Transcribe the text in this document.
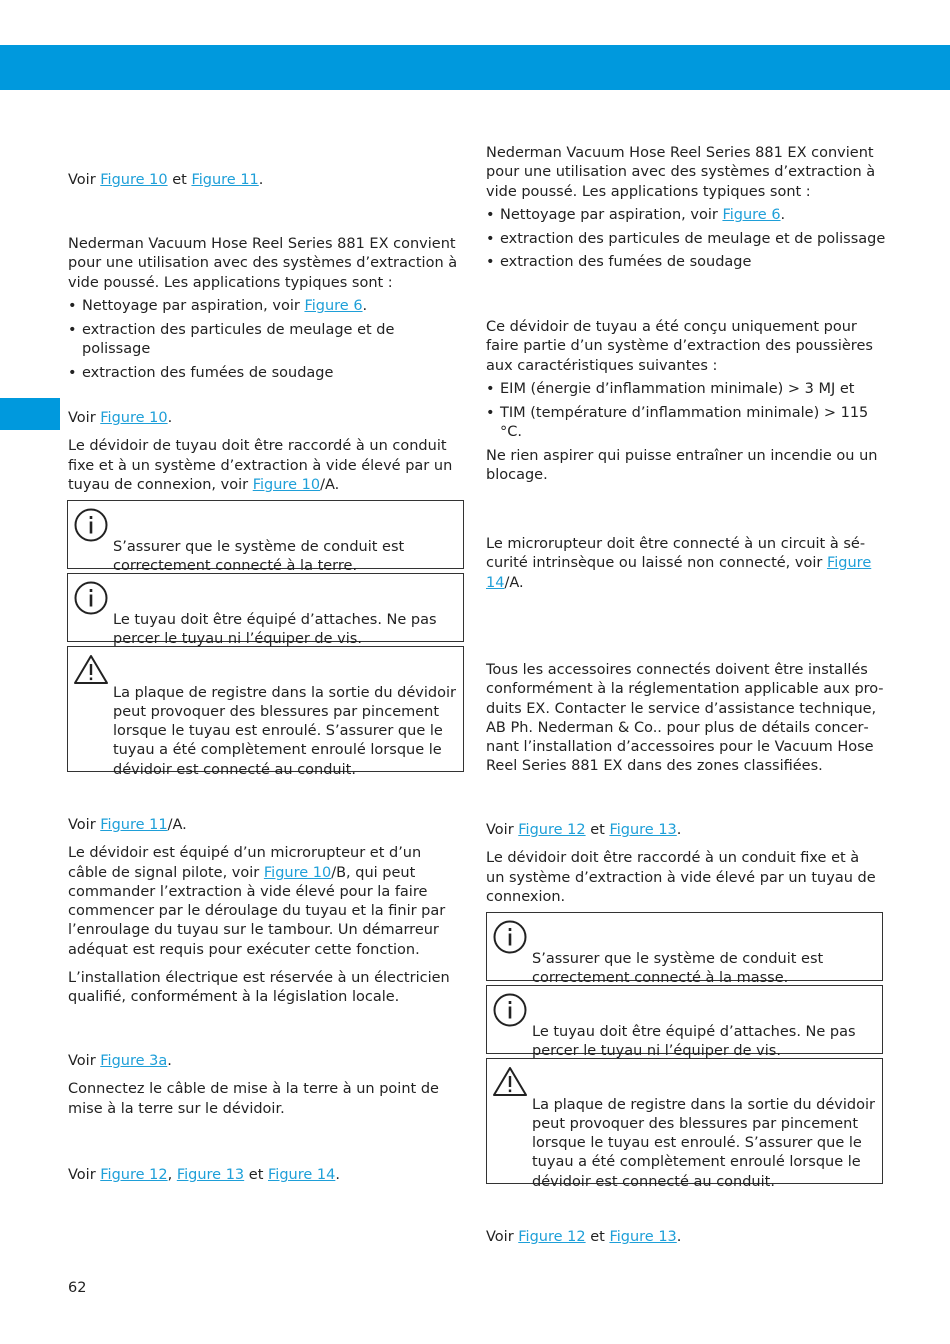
Voir Figure 10 et Figure 11.

Nederman Vacuum Hose Reel Series 881 EX convient pour une utilisation avec des systèmes d’extraction à vide poussé. Les applications typiques sont :

• Nettoyage par aspiration, voir Figure 6.
• extraction des particules de meulage et de polissage
• extraction des fumées de soudage

Voir Figure 10.

Le dévidoir de tuyau doit être raccordé à un conduit fixe et à un système d’extraction à vide élevé par un tuyau de connexion, voir Figure 10/A.

S’assurer que le système de conduit est correctement connecté à la terre.

Le tuyau doit être équipé d’attaches. Ne pas percer le tuyau ni l’équiper de vis.

La plaque de registre dans la sortie du dévidoir peut provoquer des blessures par pincement lorsque le tuyau est enroulé. S’assurer que le tuyau a été complètement enroulé lorsque le dévidoir est connecté au conduit.

Voir Figure 11/A.

Le dévidoir est équipé d’un microrupteur et d’un câble de signal pilote, voir Figure 10/B, qui peut commander l’extraction à vide élevé pour la faire commencer par le déroulage du tuyau et la finir par l’enroulage du tuyau sur le tambour. Un démarreur adéquat est requis pour exécuter cette fonction.

L’installation électrique est réservée à un électricien qualifié, conformément à la législation locale.

Voir Figure 3a.

Connectez le câble de mise à la terre à un point de mise à la terre sur le dévidoir.

Voir Figure 12, Figure 13 et Figure 14.

Nederman Vacuum Hose Reel Series 881 EX convient pour une utilisation avec des systèmes d’extraction à vide poussé. Les applications typiques sont :

• Nettoyage par aspiration, voir Figure 6.
• extraction des particules de meulage et de polissage
• extraction des fumées de soudage

Ce dévidoir de tuyau a été conçu uniquement pour faire partie d’un système d’extraction des poussières aux caractéristiques suivantes :

• EIM (énergie d’inflammation minimale) > 3 MJ et
• TIM (température d’inflammation minimale) > 115 °C.

Ne rien aspirer qui puisse entraîner un incendie ou un blocage.

Le microrupteur doit être connecté à un circuit à sécurité intrinsèque ou laissé non connecté, voir Figure 14/A.

Tous les accessoires connectés doivent être installés conformément à la réglementation applicable aux produits EX. Contacter le service d’assistance technique, AB Ph. Nederman & Co.. pour plus de détails concernant l’installation d’accessoires pour le Vacuum Hose Reel Series 881 EX dans des zones classifiées.

Voir Figure 12 et Figure 13.

Le dévidoir doit être raccordé à un conduit fixe et à un système d’extraction à vide élevé par un tuyau de connexion.

S’assurer que le système de conduit est correctement connecté à la masse.

Le tuyau doit être équipé d’attaches. Ne pas percer le tuyau ni l’équiper de vis.

La plaque de registre dans la sortie du dévidoir peut provoquer des blessures par pincement lorsque le tuyau est enroulé. S’assurer que le tuyau a été complètement enroulé lorsque le dévidoir est connecté au conduit.

Voir Figure 12 et Figure 13.

62
